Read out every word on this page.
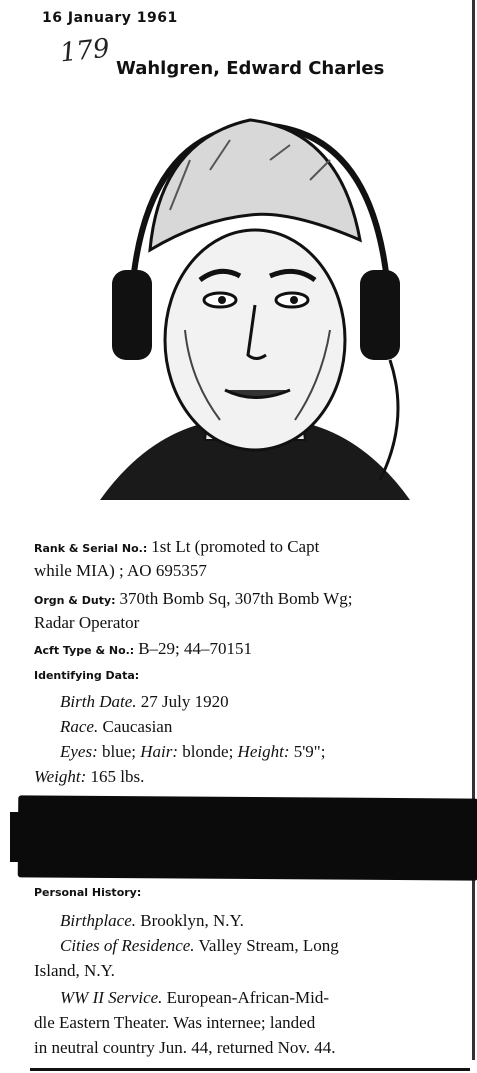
16 January 1961
179 Wahlgren, Edward Charles
Rank & Serial No.: 1st Lt (promoted to Capt
while MIA) ; AO 695357
Orgn & Duty: 370th Bomb Sq, 307th Bomb Wg;
Radar Operator
Acft Type & No.: B–29; 44–70151
Identifying Data:
Birth Date. 27 July 1920
Race. Caucasian
Eyes: blue; Hair: blonde; Height: 5'9";
Weight: 165 lbs.
Personal History:
Birthplace. Brooklyn, N.Y.
Cities of Residence. Valley Stream, Long
Island, N.Y.
WW II Service. European-African-Mid-
dle Eastern Theater. Was internee; landed
in neutral country Jun. 44, returned Nov. 44.
